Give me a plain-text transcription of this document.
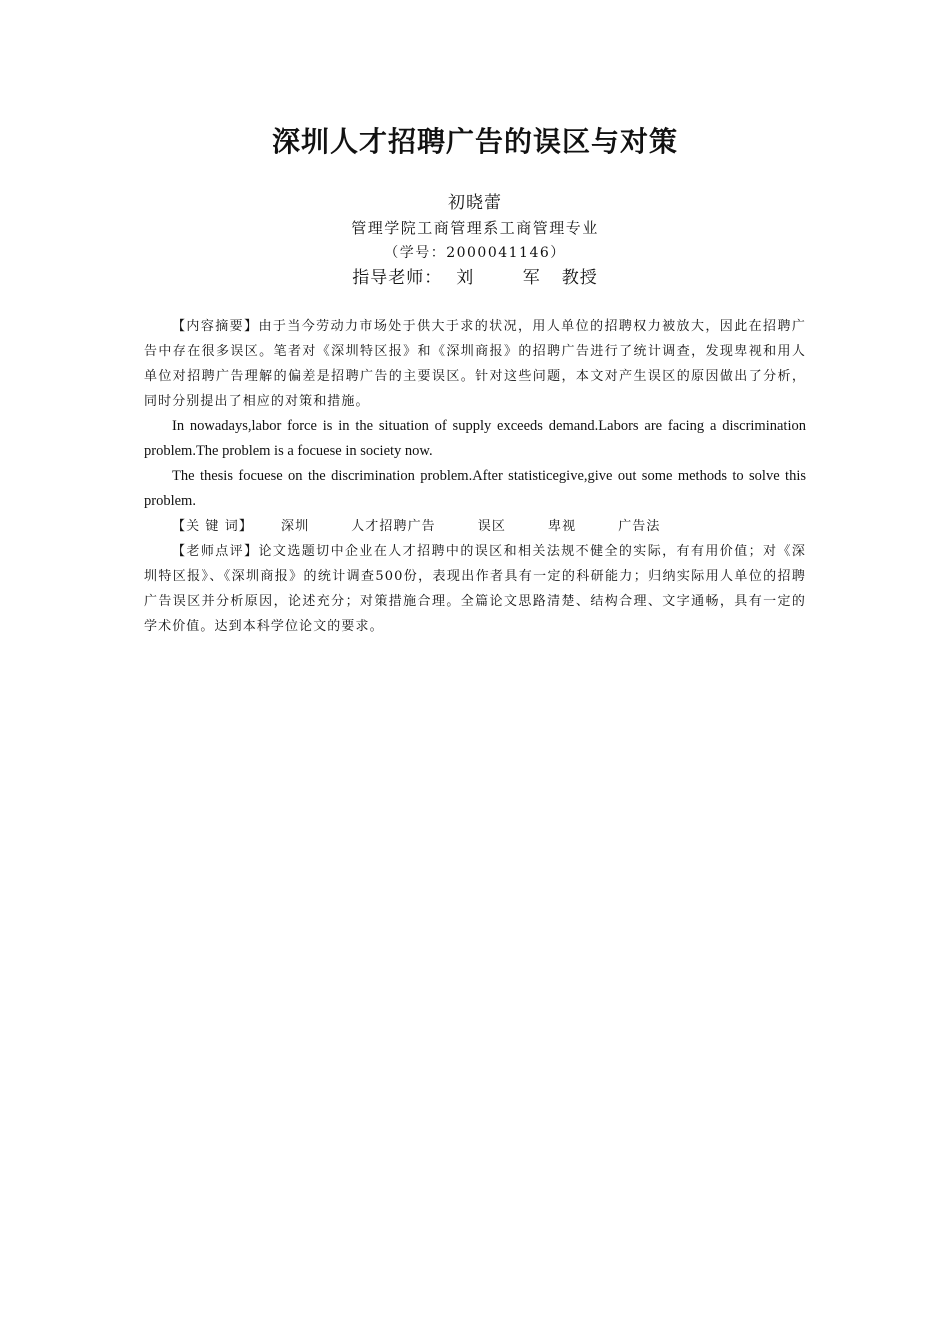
深圳人才招聘广告的误区与对策
初晓蕾
管理学院工商管理系工商管理专业
（学号：2000041146）
指导老师： 刘 军教授

【内容摘要】由于当今劳动力市场处于供大于求的状况，用人单位的招聘权力被放大，因此在招聘广告中存在很多误区。笔者对《深圳特区报》和《深圳商报》的招聘广告进行了统计调查，发现卑视和用人单位对招聘广告理解的偏差是招聘广告的主要误区。针对这些问题，本文对产生误区的原因做出了分析，同时分别提出了相应的对策和措施。

In nowadays,labor force is in the situation of supply exceeds demand.Labors are facing a discrimination problem.The problem is a focuese in society now.

The thesis focuese on the discrimination problem.After statisticegive,give out some methods to solve this problem.

【关 键 词】 深圳	人才招聘广告	误区	卑视	广告法

【老师点评】论文选题切中企业在人才招聘中的误区和相关法规不健全的实际，有有用价值；对《深圳特区报》、《深圳商报》的统计调查500份，表现出作者具有一定的科研能力；归纳实际用人单位的招聘广告误区并分析原因，论述充分；对策措施合理。全篇论文思路清楚、结构合理、文字通畅，具有一定的学术价值。达到本科学位论文的要求。
